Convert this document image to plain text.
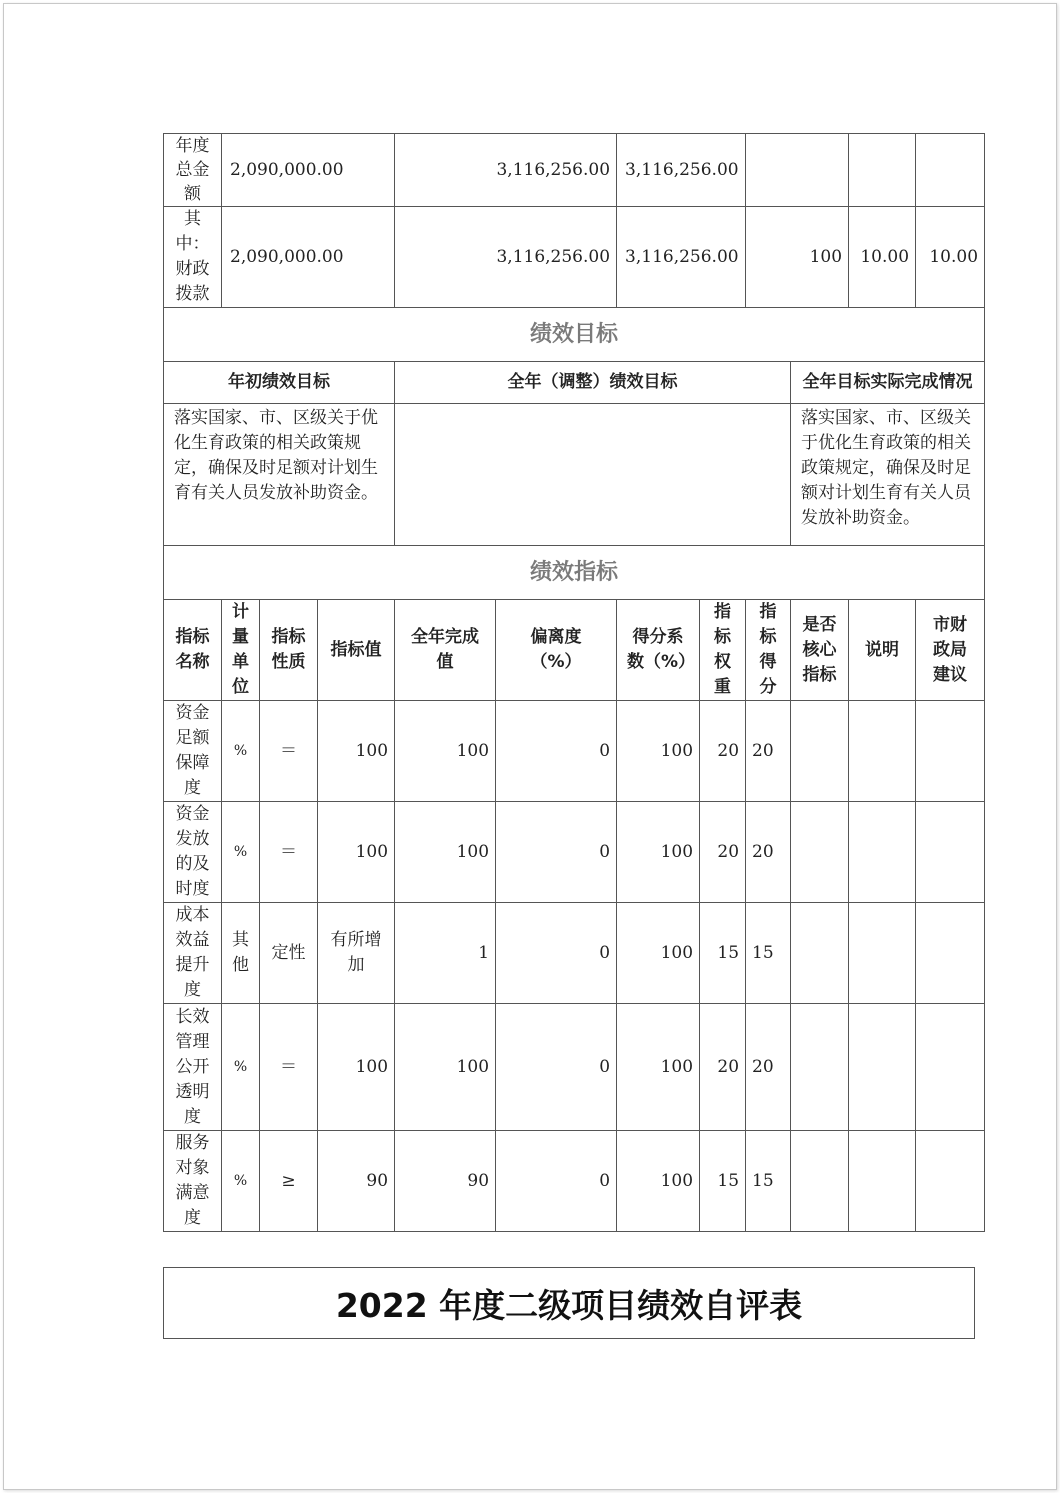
年度总金额	2,090,000.00			3,116,256.00		3,116,256.00					
其中：财政拨款	2,090,000.00			3,116,256.00		3,116,256.00		100		10.00	10.00
绩效目标											
年初绩效目标				全年（调整）绩效目标					全年目标实际完成情况		
落实国家、市、区级关于优化生育政策的相关政策规定，确保及时足额对计划生育有关人员发放补助资金。									落实国家、市、区级关于优化生育政策的相关政策规定，确保及时足额对计划生育有关人员发放补助资金。		
绩效指标											
指标名称	计量单位	指标性质	指标值	全年完成值	偏离度（%）	得分系数（%）	指标权重	指标得分	是否核心指标	说明	市财政局建议
资金足额保障度	%	＝	100	100	0	100	20	20			
资金发放的及时度	%	＝	100	100	0	100	20	20			
成本效益提升度	其他	定性	有所增加	1	0	100	15	15			
长效管理公开透明度	%	＝	100	100	0	100	20	20			
服务对象满意度	%	≥	90	90	0	100	15	15			
2022 年度二级项目绩效自评表
